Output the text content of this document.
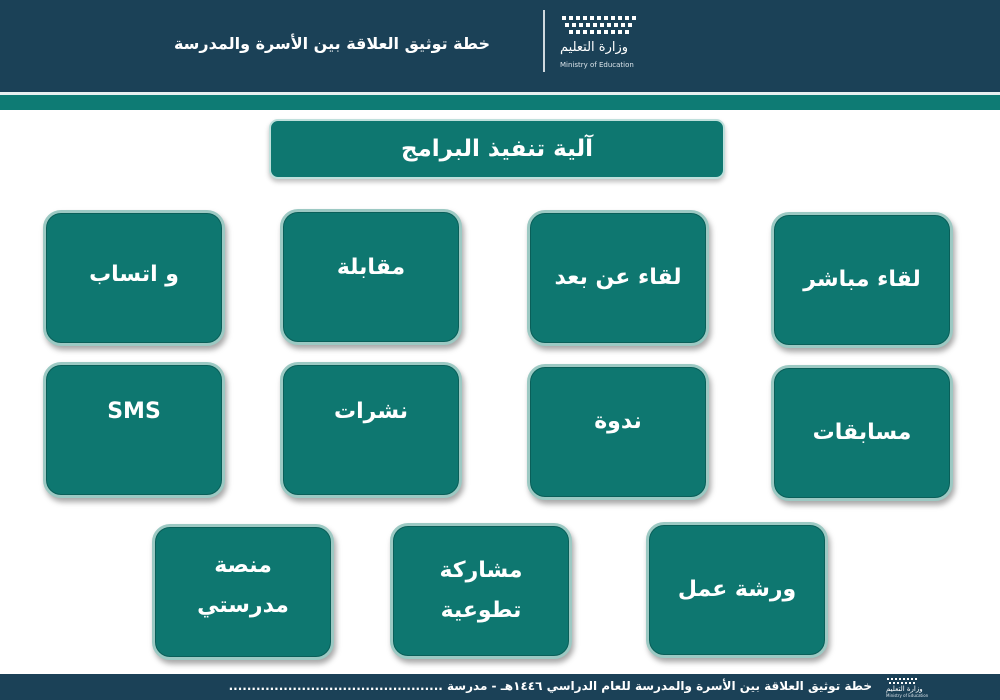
خطة توثيق العلاقة بين الأسرة والمدرسة	وزارة التعليم
Ministry of Education
آلية تنفيذ البرامج
لقاء مباشر
لقاء عن بعد
مقابلة
و اتساب
مسابقات
ندوة
نشرات
SMS
ورشة عمل
مشاركة تطوعية
منصة مدرستي
خطة توثيق العلاقة بين الأسرة والمدرسة للعام الدراسي ١٤٤٦هـ - مدرسة ............................................... وزارة التعليم
Ministry of Education
